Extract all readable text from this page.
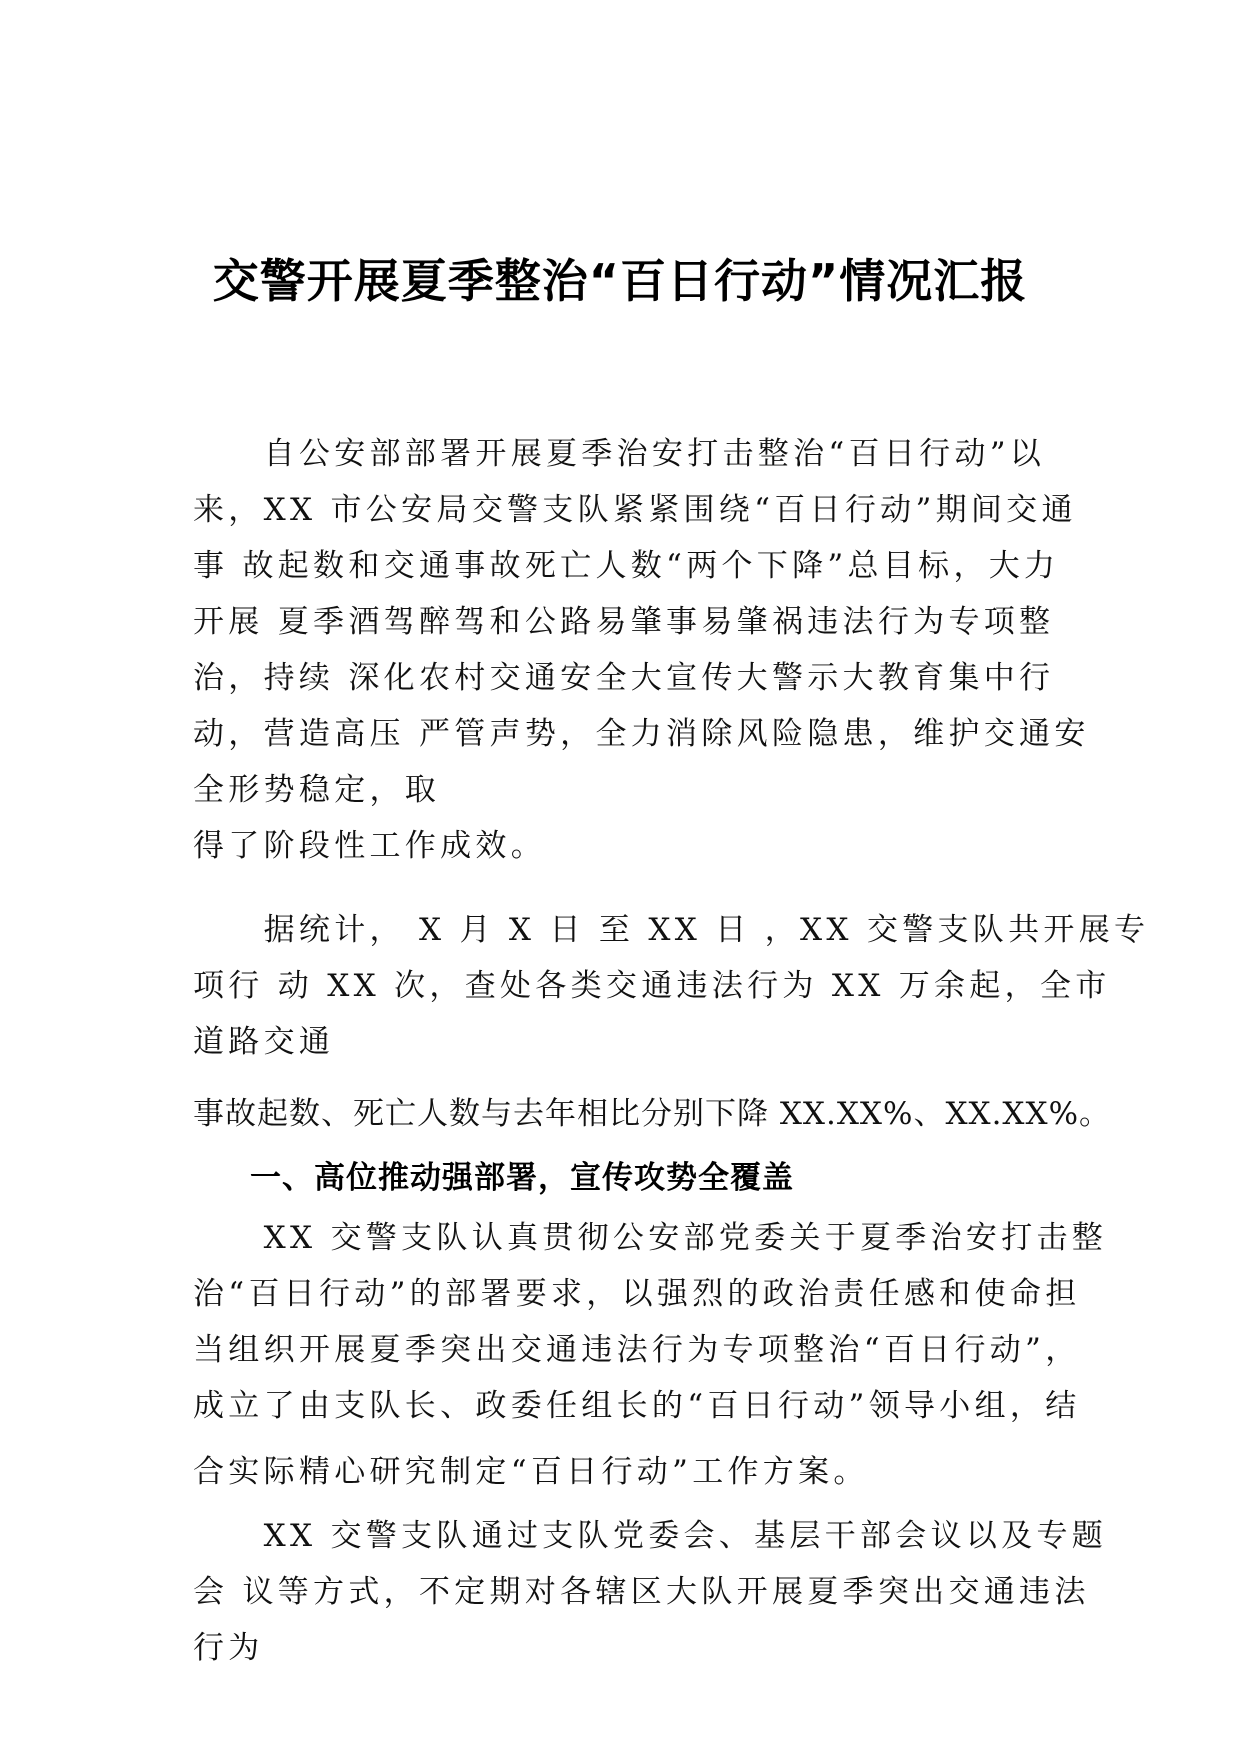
交警开展夏季整治“百日行动”情况汇报

　　自公安部部署开展夏季治安打击整治“百日行动”以

来，XX 市公安局交警支队紧紧围绕“百日行动”期间交通

事 故起数和交通事故死亡人数“两个下降”总目标，大力

开展 夏季酒驾醉驾和公路易肇事易肇祸违法行为专项整

治，持续 深化农村交通安全大宣传大警示大教育集中行

动，营造高压 严管声势，全力消除风险隐患，维护交通安

全形势稳定，取

得了阶段性工作成效。

　　据统计， X 月 X 日 至 XX 日 ，XX 交警支队共开展专

项行 动 XX 次，查处各类交通违法行为 XX 万余起，全市

道路交通

事故起数、死亡人数与去年相比分别下降 XX.XX%、XX.XX%。

一、高位推动强部署，宣传攻势全覆盖

　　XX 交警支队认真贯彻公安部党委关于夏季治安打击整

治“百日行动”的部署要求，以强烈的政治责任感和使命担

当组织开展夏季突出交通违法行为专项整治“百日行动”，

成立了由支队长、政委任组长的“百日行动”领导小组，结

合实际精心研究制定“百日行动”工作方案。

　　XX 交警支队通过支队党委会、基层干部会议以及专题

会 议等方式，不定期对各辖区大队开展夏季突出交通违法

行为
